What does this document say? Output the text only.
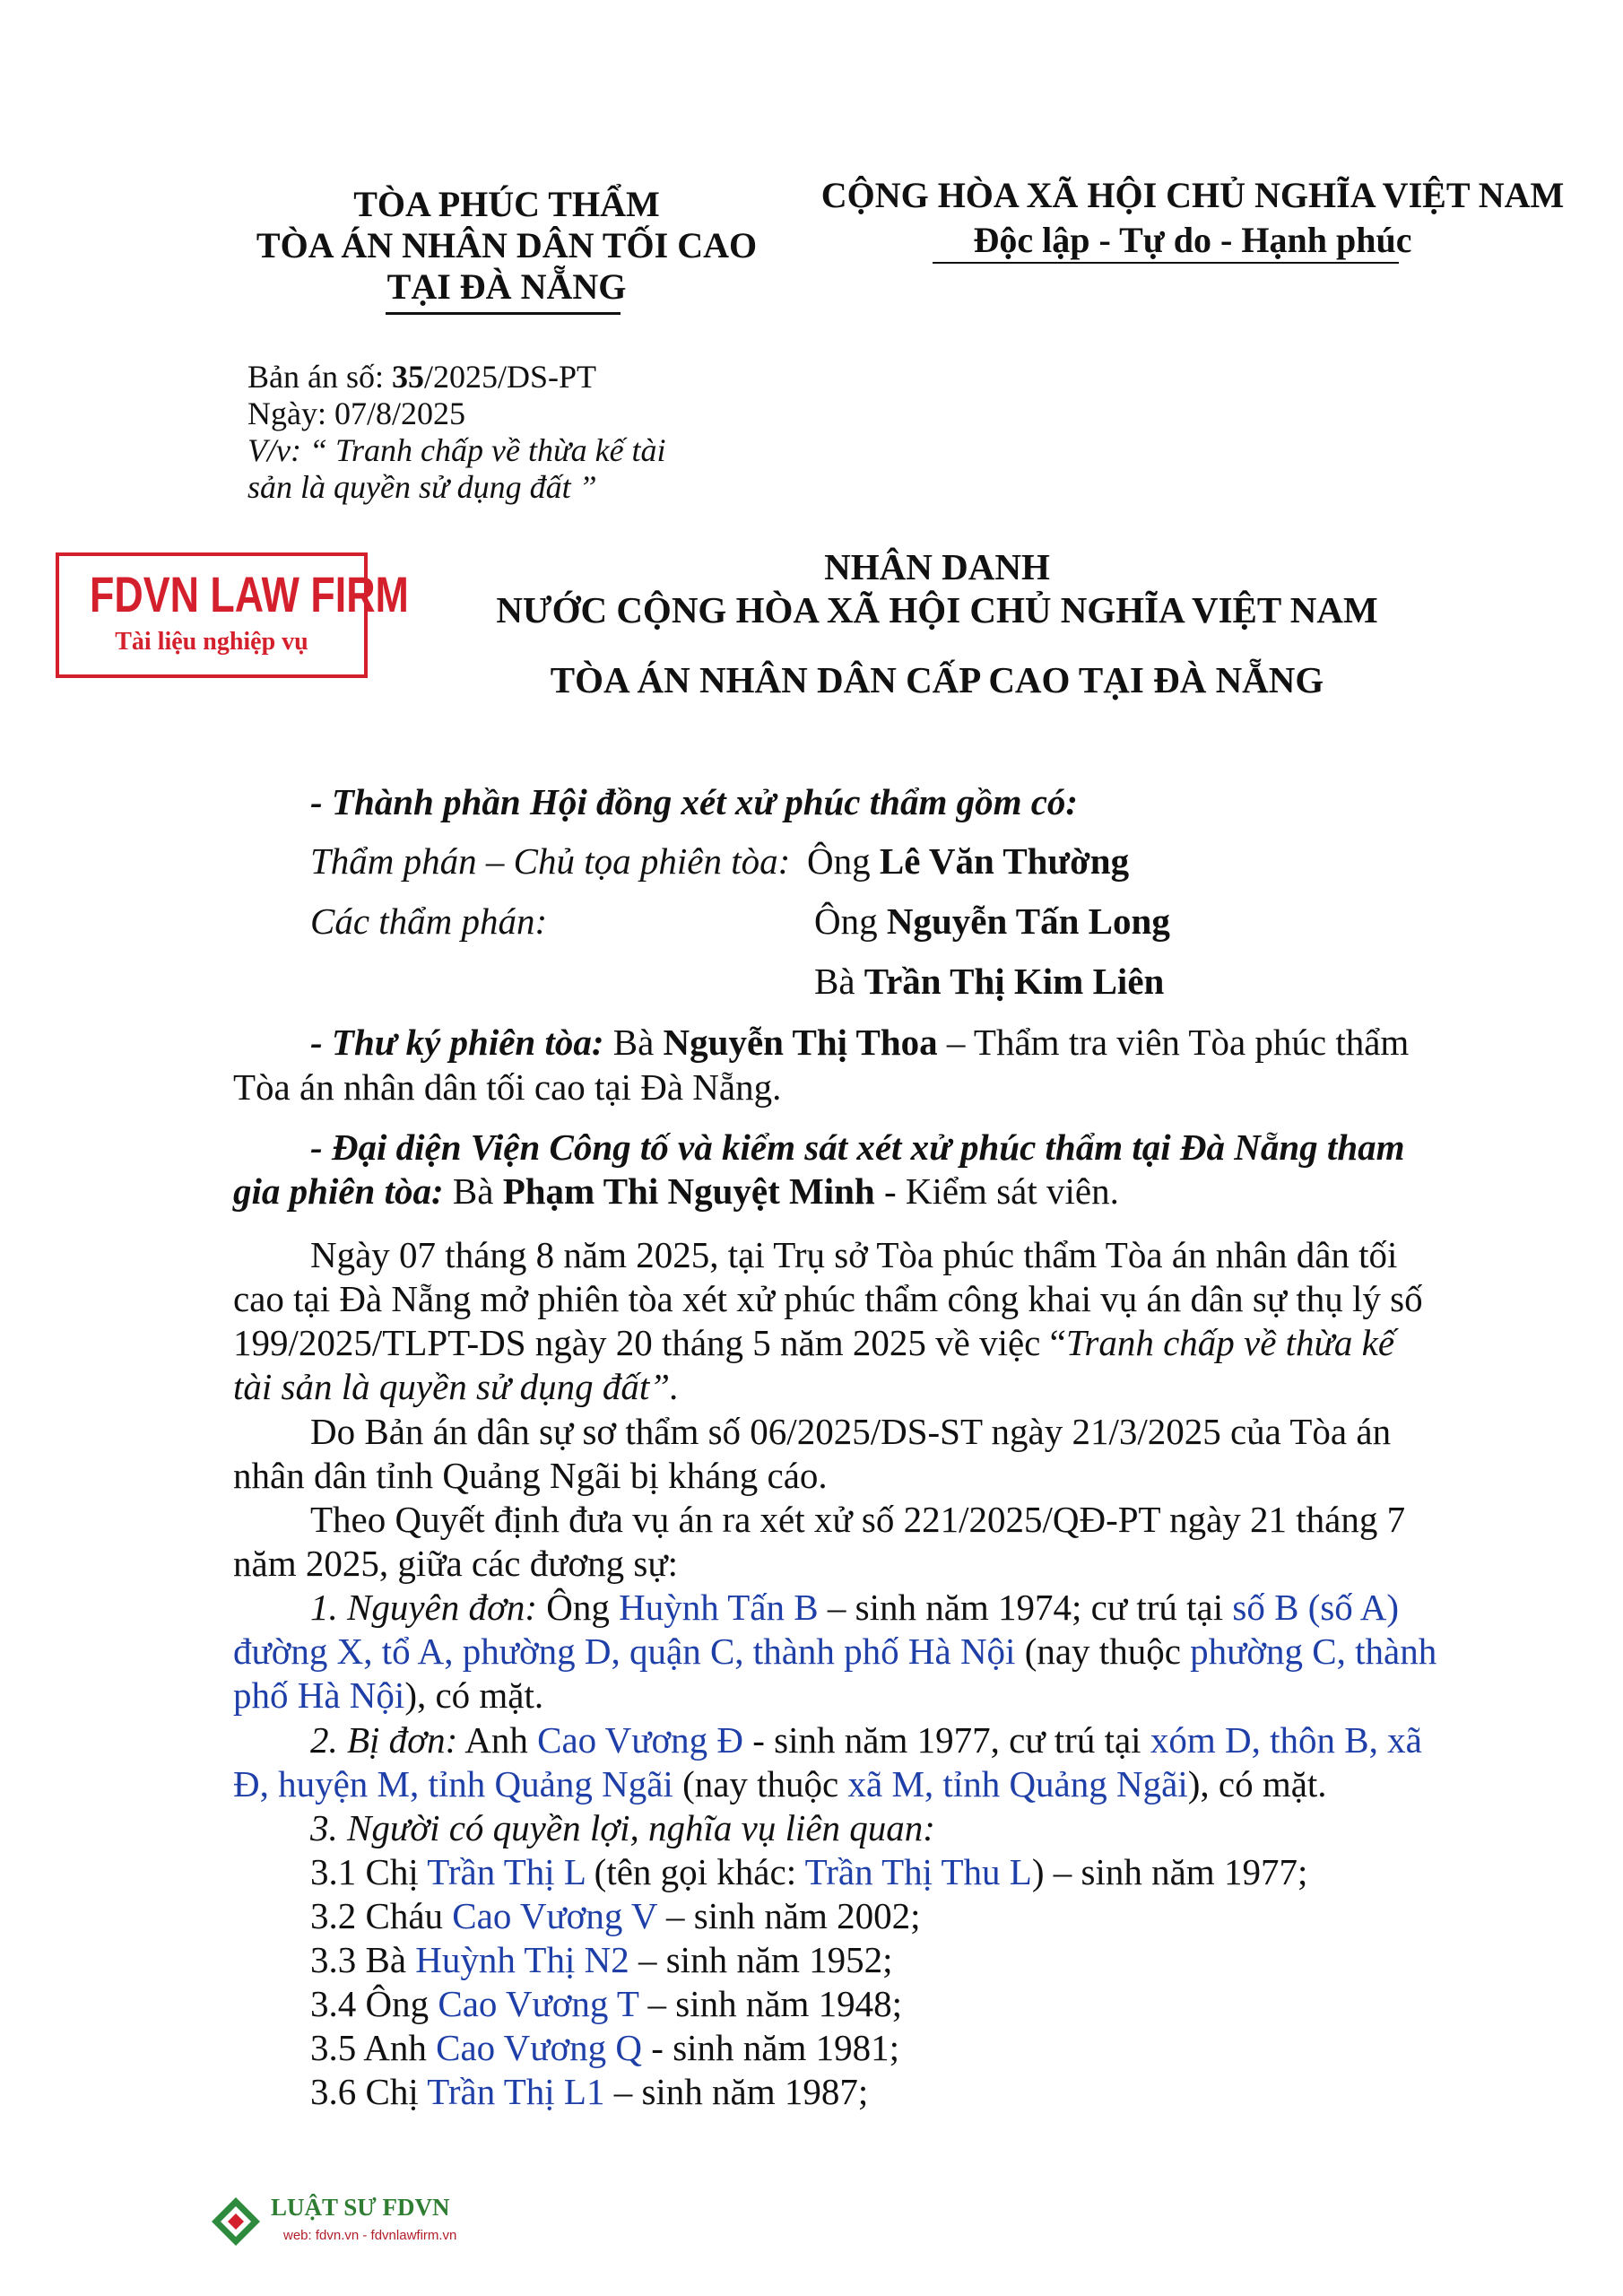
TÒA PHÚC THẨM
TÒA ÁN NHÂN DÂN TỐI CAO
TẠI ĐÀ NẴNG
CỘNG HÒA XÃ HỘI CHỦ NGHĨA VIỆT NAM
Độc lập - Tự do - Hạnh phúc
Bản án số: 35/2025/DS-PT
Ngày: 07/8/2025
V/v: “ Tranh chấp về thừa kế tài
sản là quyền sử dụng đất ”
FDVN LAW FIRM
Tài liệu nghiệp vụ
NHÂN DANH
NƯỚC CỘNG HÒA XÃ HỘI CHỦ NGHĨA VIỆT NAM
TÒA ÁN NHÂN DÂN CẤP CAO TẠI ĐÀ NẴNG
- Thành phần Hội đồng xét xử phúc thẩm gồm có:
Thẩm phán – Chủ tọa phiên tòa: Ông Lê Văn Thường
Các thẩm phán:	Ông Nguyễn Tấn Long
Bà Trần Thị Kim Liên
- Thư ký phiên tòa: Bà Nguyễn Thị Thoa – Thẩm tra viên Tòa phúc thẩm
Tòa án nhân dân tối cao tại Đà Nẵng.
- Đại diện Viện Công tố và kiểm sát xét xử phúc thẩm tại Đà Nẵng tham
gia phiên tòa: Bà Phạm Thi Nguyệt Minh - Kiểm sát viên.
Ngày 07 tháng 8 năm 2025, tại Trụ sở Tòa phúc thẩm Tòa án nhân dân tối
cao tại Đà Nẵng mở phiên tòa xét xử phúc thẩm công khai vụ án dân sự thụ lý số
199/2025/TLPT-DS ngày 20 tháng 5 năm 2025 về việc “Tranh chấp về thừa kế
tài sản là quyền sử dụng đất”.
Do Bản án dân sự sơ thẩm số 06/2025/DS-ST ngày 21/3/2025 của Tòa án
nhân dân tỉnh Quảng Ngãi bị kháng cáo.
Theo Quyết định đưa vụ án ra xét xử số 221/2025/QĐ-PT ngày 21 tháng 7
năm 2025, giữa các đương sự:
1. Nguyên đơn: Ông Huỳnh Tấn B – sinh năm 1974; cư trú tại số B (số A)
đường X, tổ A, phường D, quận C, thành phố Hà Nội (nay thuộc phường C, thành
phố Hà Nội), có mặt.
2. Bị đơn: Anh Cao Vương Đ - sinh năm 1977, cư trú tại xóm D, thôn B, xã
Đ, huyện M, tỉnh Quảng Ngãi (nay thuộc xã M, tỉnh Quảng Ngãi), có mặt.
3. Người có quyền lợi, nghĩa vụ liên quan:
3.1 Chị Trần Thị L (tên gọi khác: Trần Thị Thu L) – sinh năm 1977;
3.2 Cháu Cao Vương V – sinh năm 2002;
3.3 Bà Huỳnh Thị N2 – sinh năm 1952;
3.4 Ông Cao Vương T – sinh năm 1948;
3.5 Anh Cao Vương Q - sinh năm 1981;
3.6 Chị Trần Thị L1 – sinh năm 1987;
LUẬT SƯ FDVN
web: fdvn.vn - fdvnlawfirm.vn
